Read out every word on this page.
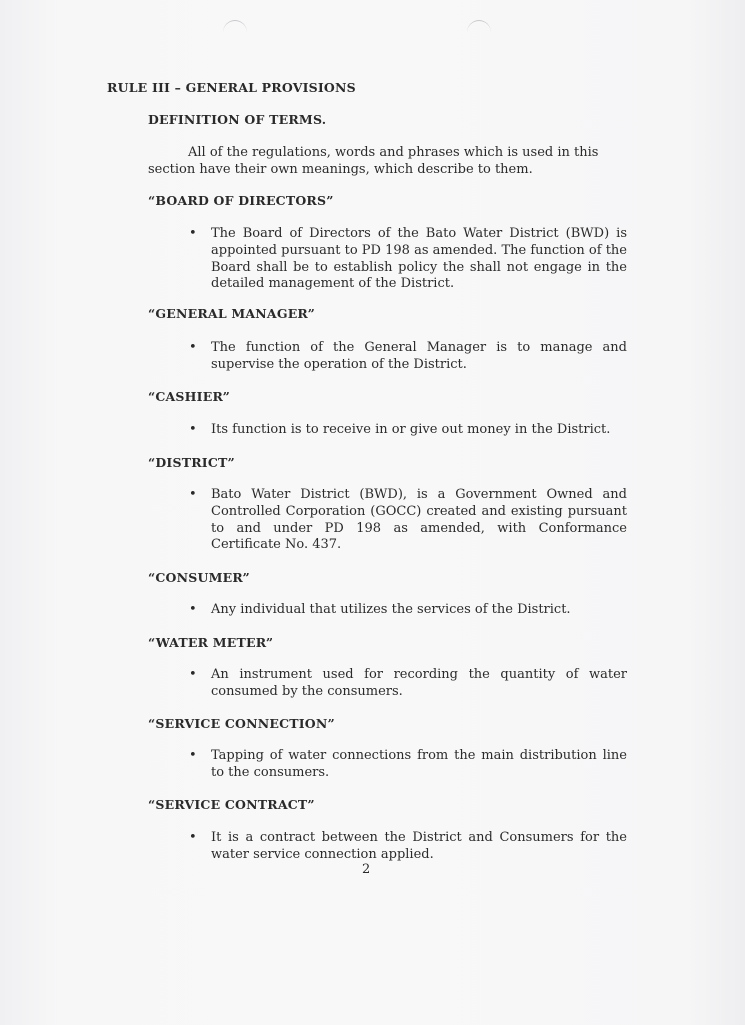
RULE III – GENERAL PROVISIONS
DEFINITION OF TERMS.

All of the regulations, words and phrases which is used in this section have their own meanings, which describe to them.

“BOARD OF DIRECTORS”
•	The Board of Directors of the Bato Water District (BWD) is appointed pursuant to PD 198 as amended. The function of the Board shall be to establish policy the shall not engage in the detailed management of the District.
“GENERAL MANAGER”
•	The function of the General Manager is to manage and supervise the operation of the District.
“CASHIER”
•	Its function is to receive in or give out money in the District.
“DISTRICT”
•	Bato Water District (BWD), is a Government Owned and Controlled Corporation (GOCC) created and existing pursuant to and under PD 198 as amended, with Conformance Certificate No. 437.
“CONSUMER”
•	Any individual that utilizes the services of the District.
“WATER METER”
•	An instrument used for recording the quantity of water consumed by the consumers.
“SERVICE CONNECTION”
•	Tapping of water connections from the main distribution line to the consumers.
“SERVICE CONTRACT”
•	It is a contract between the District and Consumers for the water service connection applied.
2
